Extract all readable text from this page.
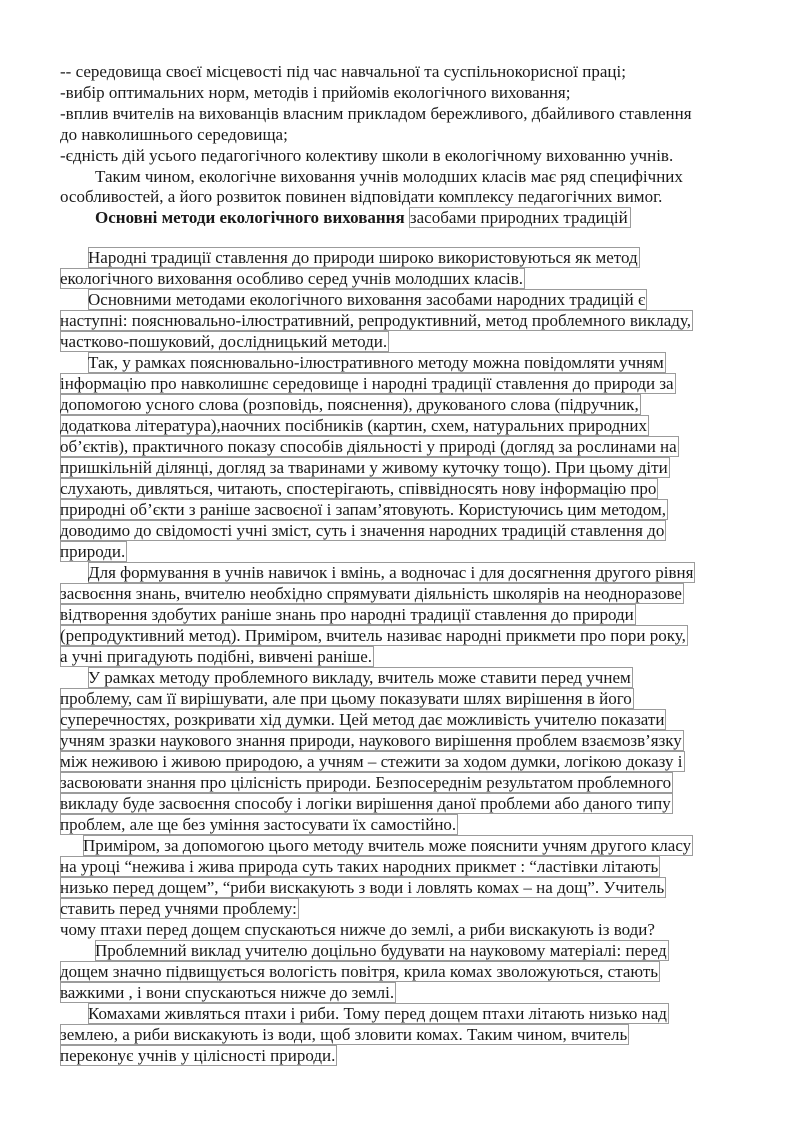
-- середовища своєї місцевості під час навчальної та суспільнокорисної праці;
-вибір оптимальних норм, методів і прийомів екологічного виховання;
-вплив вчителів на вихованців власним прикладом бережливого, дбайливого ставлення
до навколишнього середовища;
-єдність дій усього педагогічного колективу школи в екологічному вихованню учнів.
Таким чином, екологічне виховання учнів молодших класів має ряд специфічних
особливостей, а його розвиток повинен відповідати комплексу педагогічних вимог.
Основні методи екологічного виховання засобами природних традицій
Народні традиції ставлення до природи широко використовуються як метод
екологічного виховання особливо серед учнів молодших класів.
Основними методами екологічного виховання засобами народних традицій є
наступні: пояснювально-ілюстративний, репродуктивний, метод проблемного викладу,
частково-пошуковий, дослідницький методи.
Так, у рамках пояснювально-ілюстративного методу можна повідомляти учням
інформацію про навколишнє середовище і народні традиції ставлення до природи за
допомогою усного слова (розповідь, пояснення), друкованого слова (підручник,
додаткова література),наочних посібників (картин, схем, натуральних природних
об’єктів), практичного показу способів діяльності у природі (догляд за рослинами на
пришкільній ділянці, догляд за тваринами у живому куточку тощо). При цьому діти
слухають, дивляться, читають, спостерігають, співвідносять нову інформацію про
природні об’єкти з раніше засвоєної і запам’ятовують. Користуючись цим методом,
доводимо до свідомості учні зміст, суть і значення народних традицій ставлення до
природи.
Для формування в учнів навичок і вмінь, а водночас і для досягнення другого рівня
засвоєння знань, вчителю необхідно спрямувати діяльність школярів на неодноразове
відтворення здобутих раніше знань про народні традиції ставлення до природи
(репродуктивний метод). Приміром, вчитель називає народні прикмети про пори року,
а учні пригадують подібні, вивчені раніше.
У рамках методу проблемного викладу, вчитель може ставити перед учнем
проблему, сам її вирішувати, але при цьому показувати шлях вирішення в його
суперечностях, розкривати хід думки. Цей метод дає можливість учителю показати
учням зразки наукового знання природи, наукового вирішення проблем взаємозв’язку
між неживою і живою природою, а учням – стежити за ходом думки, логікою доказу і
засвоювати знання про цілісність природи. Безпосереднім результатом проблемного
викладу буде засвоєння способу і логіки вирішення даної проблеми або даного типу
проблем, але ще без уміння застосувати їх самостійно.
Приміром, за допомогою цього методу вчитель може пояснити учням другого класу
на уроці “нежива і жива природа суть таких народних прикмет : “ластівки літають
низько перед дощем”, “риби вискакують з води і ловлять комах – на дощ”. Учитель
ставить перед учнями проблему:
чому птахи перед дощем спускаються нижче до землі, а риби вискакують із води?
Проблемний виклад учителю доцільно будувати на науковому матеріалі: перед
дощем значно підвищується вологість повітря, крила комах зволожуються, стають
важкими , і вони спускаються нижче до землі.
Комахами живляться птахи і риби. Тому перед дощем птахи літають низько над
землею, а риби вискакують із води, щоб зловити комах. Таким чином, вчитель
переконує учнів у цілісності природи.
